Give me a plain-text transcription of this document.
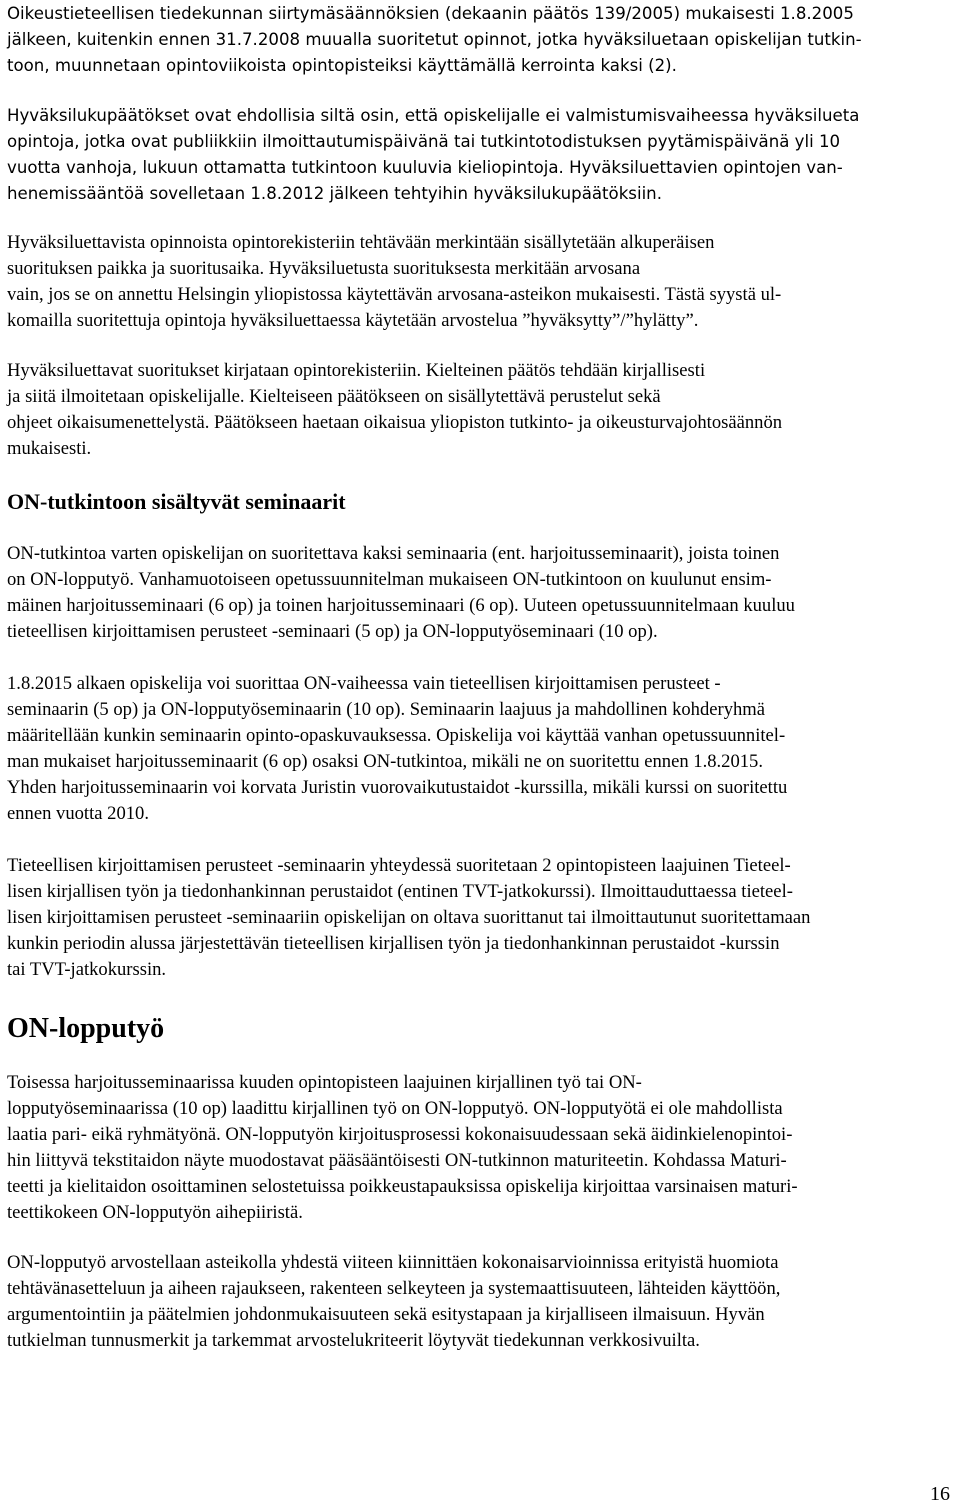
Oikeustieteellisen tiedekunnan siirtymäsäännöksien (dekaanin päätös 139/2005) mukaisesti 1.8.2005
jälkeen, kuitenkin ennen 31.7.2008 muualla suoritetut opinnot, jotka hyväksiluetaan opiskelijan tutkin-
toon, muunnetaan opintoviikoista opintopisteiksi käyttämällä kerrointa kaksi (2).
Hyväksilukupäätökset ovat ehdollisia siltä osin, että opiskelijalle ei valmistumisvaiheessa hyväksilueta
opintoja, jotka ovat publiikkiin ilmoittautumispäivänä tai tutkintotodistuksen pyytämispäivänä yli 10
vuotta vanhoja, lukuun ottamatta tutkintoon kuuluvia kieliopintoja. Hyväksiluettavien opintojen van-
henemissääntöä sovelletaan 1.8.2012 jälkeen tehtyihin hyväksilukupäätöksiin.
Hyväksiluettavista opinnoista opintorekisteriin tehtävään merkintään sisällytetään alkuperäisen
suorituksen paikka ja suoritusaika. Hyväksiluetusta suorituksesta merkitään arvosana
vain, jos se on annettu Helsingin yliopistossa käytettävän arvosana-asteikon mukaisesti. Tästä syystä ul-
komailla suoritettuja opintoja hyväksiluettaessa käytetään arvostelua ”hyväksytty”/”hylätty”.
Hyväksiluettavat suoritukset kirjataan opintorekisteriin. Kielteinen päätös tehdään kirjallisesti
ja siitä ilmoitetaan opiskelijalle. Kielteiseen päätökseen on sisällytettävä perustelut sekä
ohjeet oikaisumenettelystä. Päätökseen haetaan oikaisua yliopiston tutkinto- ja oikeusturvajohtosäännön
mukaisesti.
ON-tutkintoon sisältyvät seminaarit
ON-tutkintoa varten opiskelijan on suoritettava kaksi seminaaria (ent. harjoitusseminaarit), joista toinen
on ON-lopputyö. Vanhamuotoiseen opetussuunnitelman mukaiseen ON-tutkintoon on kuulunut ensim-
mäinen harjoitusseminaari (6 op) ja toinen harjoitusseminaari (6 op). Uuteen opetussuunnitelmaan kuuluu
tieteellisen kirjoittamisen perusteet -seminaari (5 op) ja ON-lopputyöseminaari (10 op).
1.8.2015 alkaen opiskelija voi suorittaa ON-vaiheessa vain tieteellisen kirjoittamisen perusteet -
seminaarin (5 op) ja ON-lopputyöseminaarin (10 op). Seminaarin laajuus ja mahdollinen kohderyhmä
määritellään kunkin seminaarin opinto-opaskuvauksessa. Opiskelija voi käyttää vanhan opetussuunnitel-
man mukaiset harjoitusseminaarit (6 op) osaksi ON-tutkintoa, mikäli ne on suoritettu ennen 1.8.2015.
Yhden harjoitusseminaarin voi korvata Juristin vuorovaikutustaidot -kurssilla, mikäli kurssi on suoritettu
ennen vuotta 2010.
Tieteellisen kirjoittamisen perusteet -seminaarin yhteydessä suoritetaan 2 opintopisteen laajuinen Tieteel-
lisen kirjallisen työn ja tiedonhankinnan perustaidot (entinen TVT-jatkokurssi). Ilmoittauduttaessa tieteel-
lisen kirjoittamisen perusteet -seminaariin opiskelijan on oltava suorittanut tai ilmoittautunut suoritettamaan
kunkin periodin alussa järjestettävän tieteellisen kirjallisen työn ja tiedonhankinnan perustaidot -kurssin
tai TVT-jatkokurssin.
ON-lopputyö
Toisessa harjoitusseminaarissa kuuden opintopisteen laajuinen kirjallinen työ tai ON-
lopputyöseminaarissa (10 op) laadittu kirjallinen työ on ON-lopputyö. ON-lopputyötä ei ole mahdollista
laatia pari- eikä ryhmätyönä. ON-lopputyön kirjoitusprosessi kokonaisuudessaan sekä äidinkielenopintoi-
hin liittyvä tekstitaidon näyte muodostavat pääsääntöisesti ON-tutkinnon maturiteetin. Kohdassa Maturi-
teetti ja kielitaidon osoittaminen selostetuissa poikkeustapauksissa opiskelija kirjoittaa varsinaisen maturi-
teettikokeen ON-lopputyön aihepiiristä.
ON-lopputyö arvostellaan asteikolla yhdestä viiteen kiinnittäen kokonaisarvioinnissa erityistä huomiota
tehtävänasetteluun ja aiheen rajaukseen, rakenteen selkeyteen ja systemaattisuuteen, lähteiden käyttöön,
argumentointiin ja päätelmien johdonmukaisuuteen sekä esitystapaan ja kirjalliseen ilmaisuun. Hyvän
tutkielman tunnusmerkit ja tarkemmat arvostelukriteerit löytyvät tiedekunnan verkkosivuilta.
16
